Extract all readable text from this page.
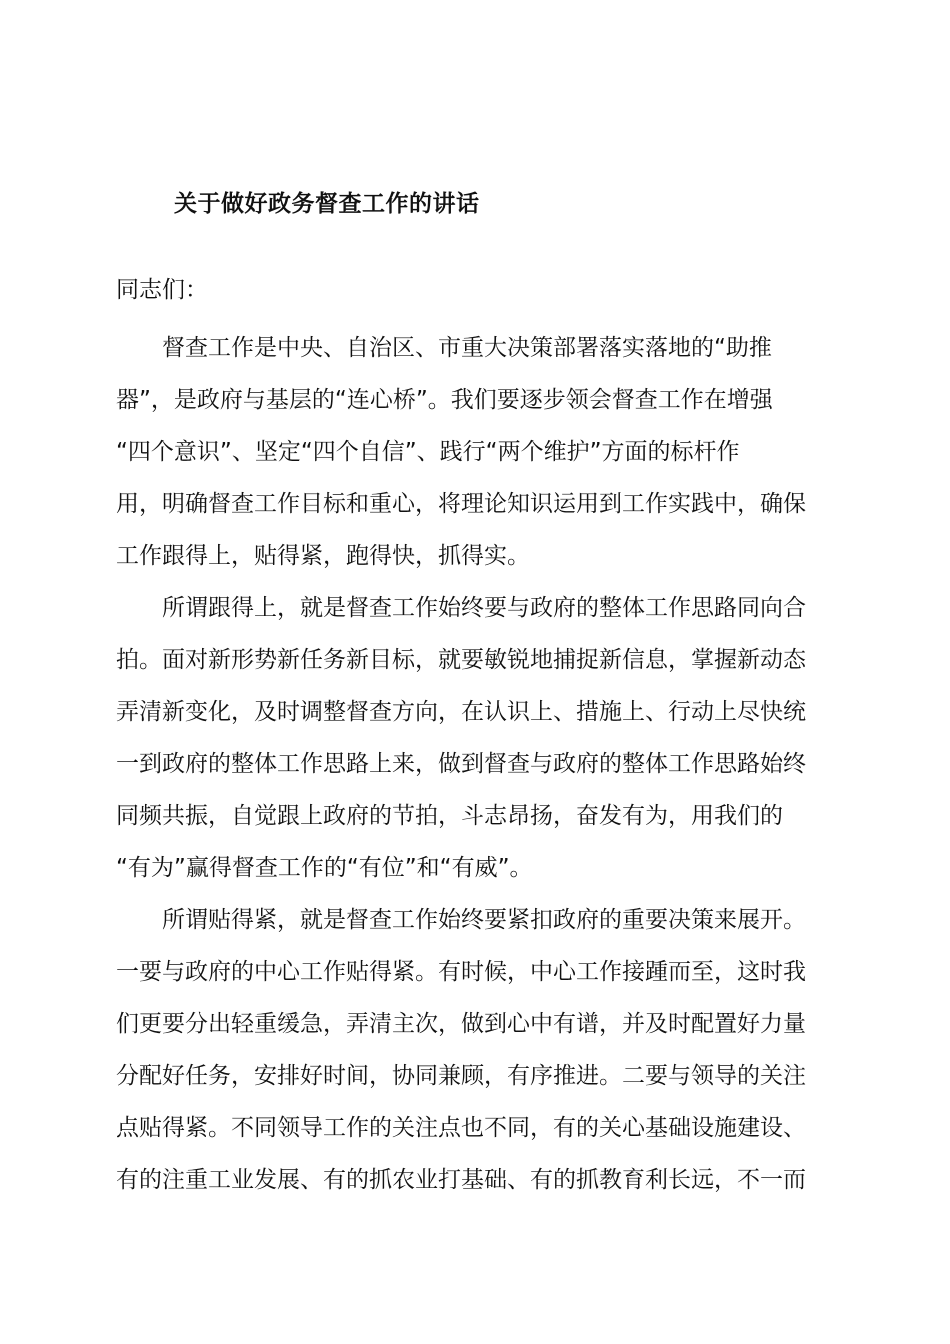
关于做好政务督查工作的讲话
同志们：
督查工作是中央、自治区、市重大决策部署落实落地的“助推
器”，是政府与基层的“连心桥”。我们要逐步领会督查工作在增强
“四个意识”、坚定“四个自信”、践行“两个维护”方面的标杆作
用，明确督查工作目标和重心，将理论知识运用到工作实践中，确保
工作跟得上，贴得紧，跑得快，抓得实。
所谓跟得上，就是督查工作始终要与政府的整体工作思路同向合
拍。面对新形势新任务新目标，就要敏锐地捕捉新信息，掌握新动态
弄清新变化，及时调整督查方向，在认识上、措施上、行动上尽快统
一到政府的整体工作思路上来，做到督查与政府的整体工作思路始终
同频共振，自觉跟上政府的节拍，斗志昂扬，奋发有为，用我们的
“有为”赢得督查工作的“有位”和“有威”。
所谓贴得紧，就是督查工作始终要紧扣政府的重要决策来展开。
一要与政府的中心工作贴得紧。有时候，中心工作接踵而至，这时我
们更要分出轻重缓急，弄清主次，做到心中有谱，并及时配置好力量
分配好任务，安排好时间，协同兼顾，有序推进。二要与领导的关注
点贴得紧。不同领导工作的关注点也不同，有的关心基础设施建设、
有的注重工业发展、有的抓农业打基础、有的抓教育利长远，不一而
